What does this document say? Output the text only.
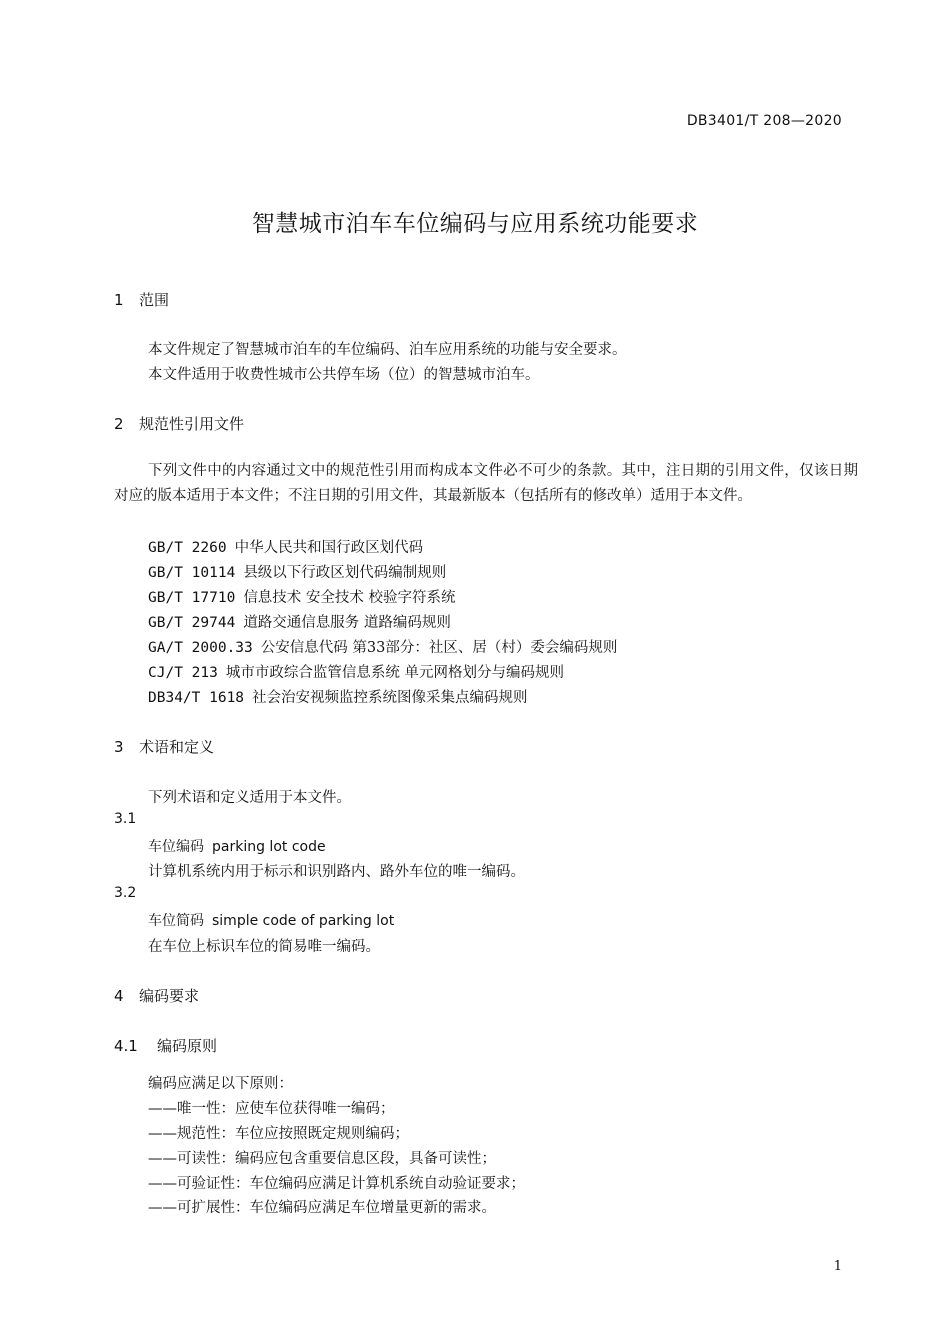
DB3401/T 208—2020
智慧城市泊车车位编码与应用系统功能要求
1 范围
本文件规定了智慧城市泊车的车位编码、泊车应用系统的功能与安全要求。
本文件适用于收费性城市公共停车场（位）的智慧城市泊车。
2 规范性引用文件
下列文件中的内容通过文中的规范性引用而构成本文件必不可少的条款。其中，注日期的引用文件，仅该日期对应的版本适用于本文件；不注日期的引用文件，其最新版本（包括所有的修改单）适用于本文件。
GB/T 2260 中华人民共和国行政区划代码
GB/T 10114 县级以下行政区划代码编制规则
GB/T 17710 信息技术 安全技术 校验字符系统
GB/T 29744 道路交通信息服务 道路编码规则
GA/T 2000.33 公安信息代码 第33部分：社区、居（村）委会编码规则
CJ/T 213 城市市政综合监管信息系统 单元网格划分与编码规则
DB34/T 1618 社会治安视频监控系统图像采集点编码规则
3 术语和定义
下列术语和定义适用于本文件。
3.1
车位编码 parking lot code
计算机系统内用于标示和识别路内、路外车位的唯一编码。
3.2
车位简码 simple code of parking lot
在车位上标识车位的简易唯一编码。
4 编码要求
4.1 编码原则
编码应满足以下原则：
——唯一性：应使车位获得唯一编码；
——规范性：车位应按照既定规则编码；
——可读性：编码应包含重要信息区段，具备可读性；
——可验证性：车位编码应满足计算机系统自动验证要求；
——可扩展性：车位编码应满足车位增量更新的需求。
1
